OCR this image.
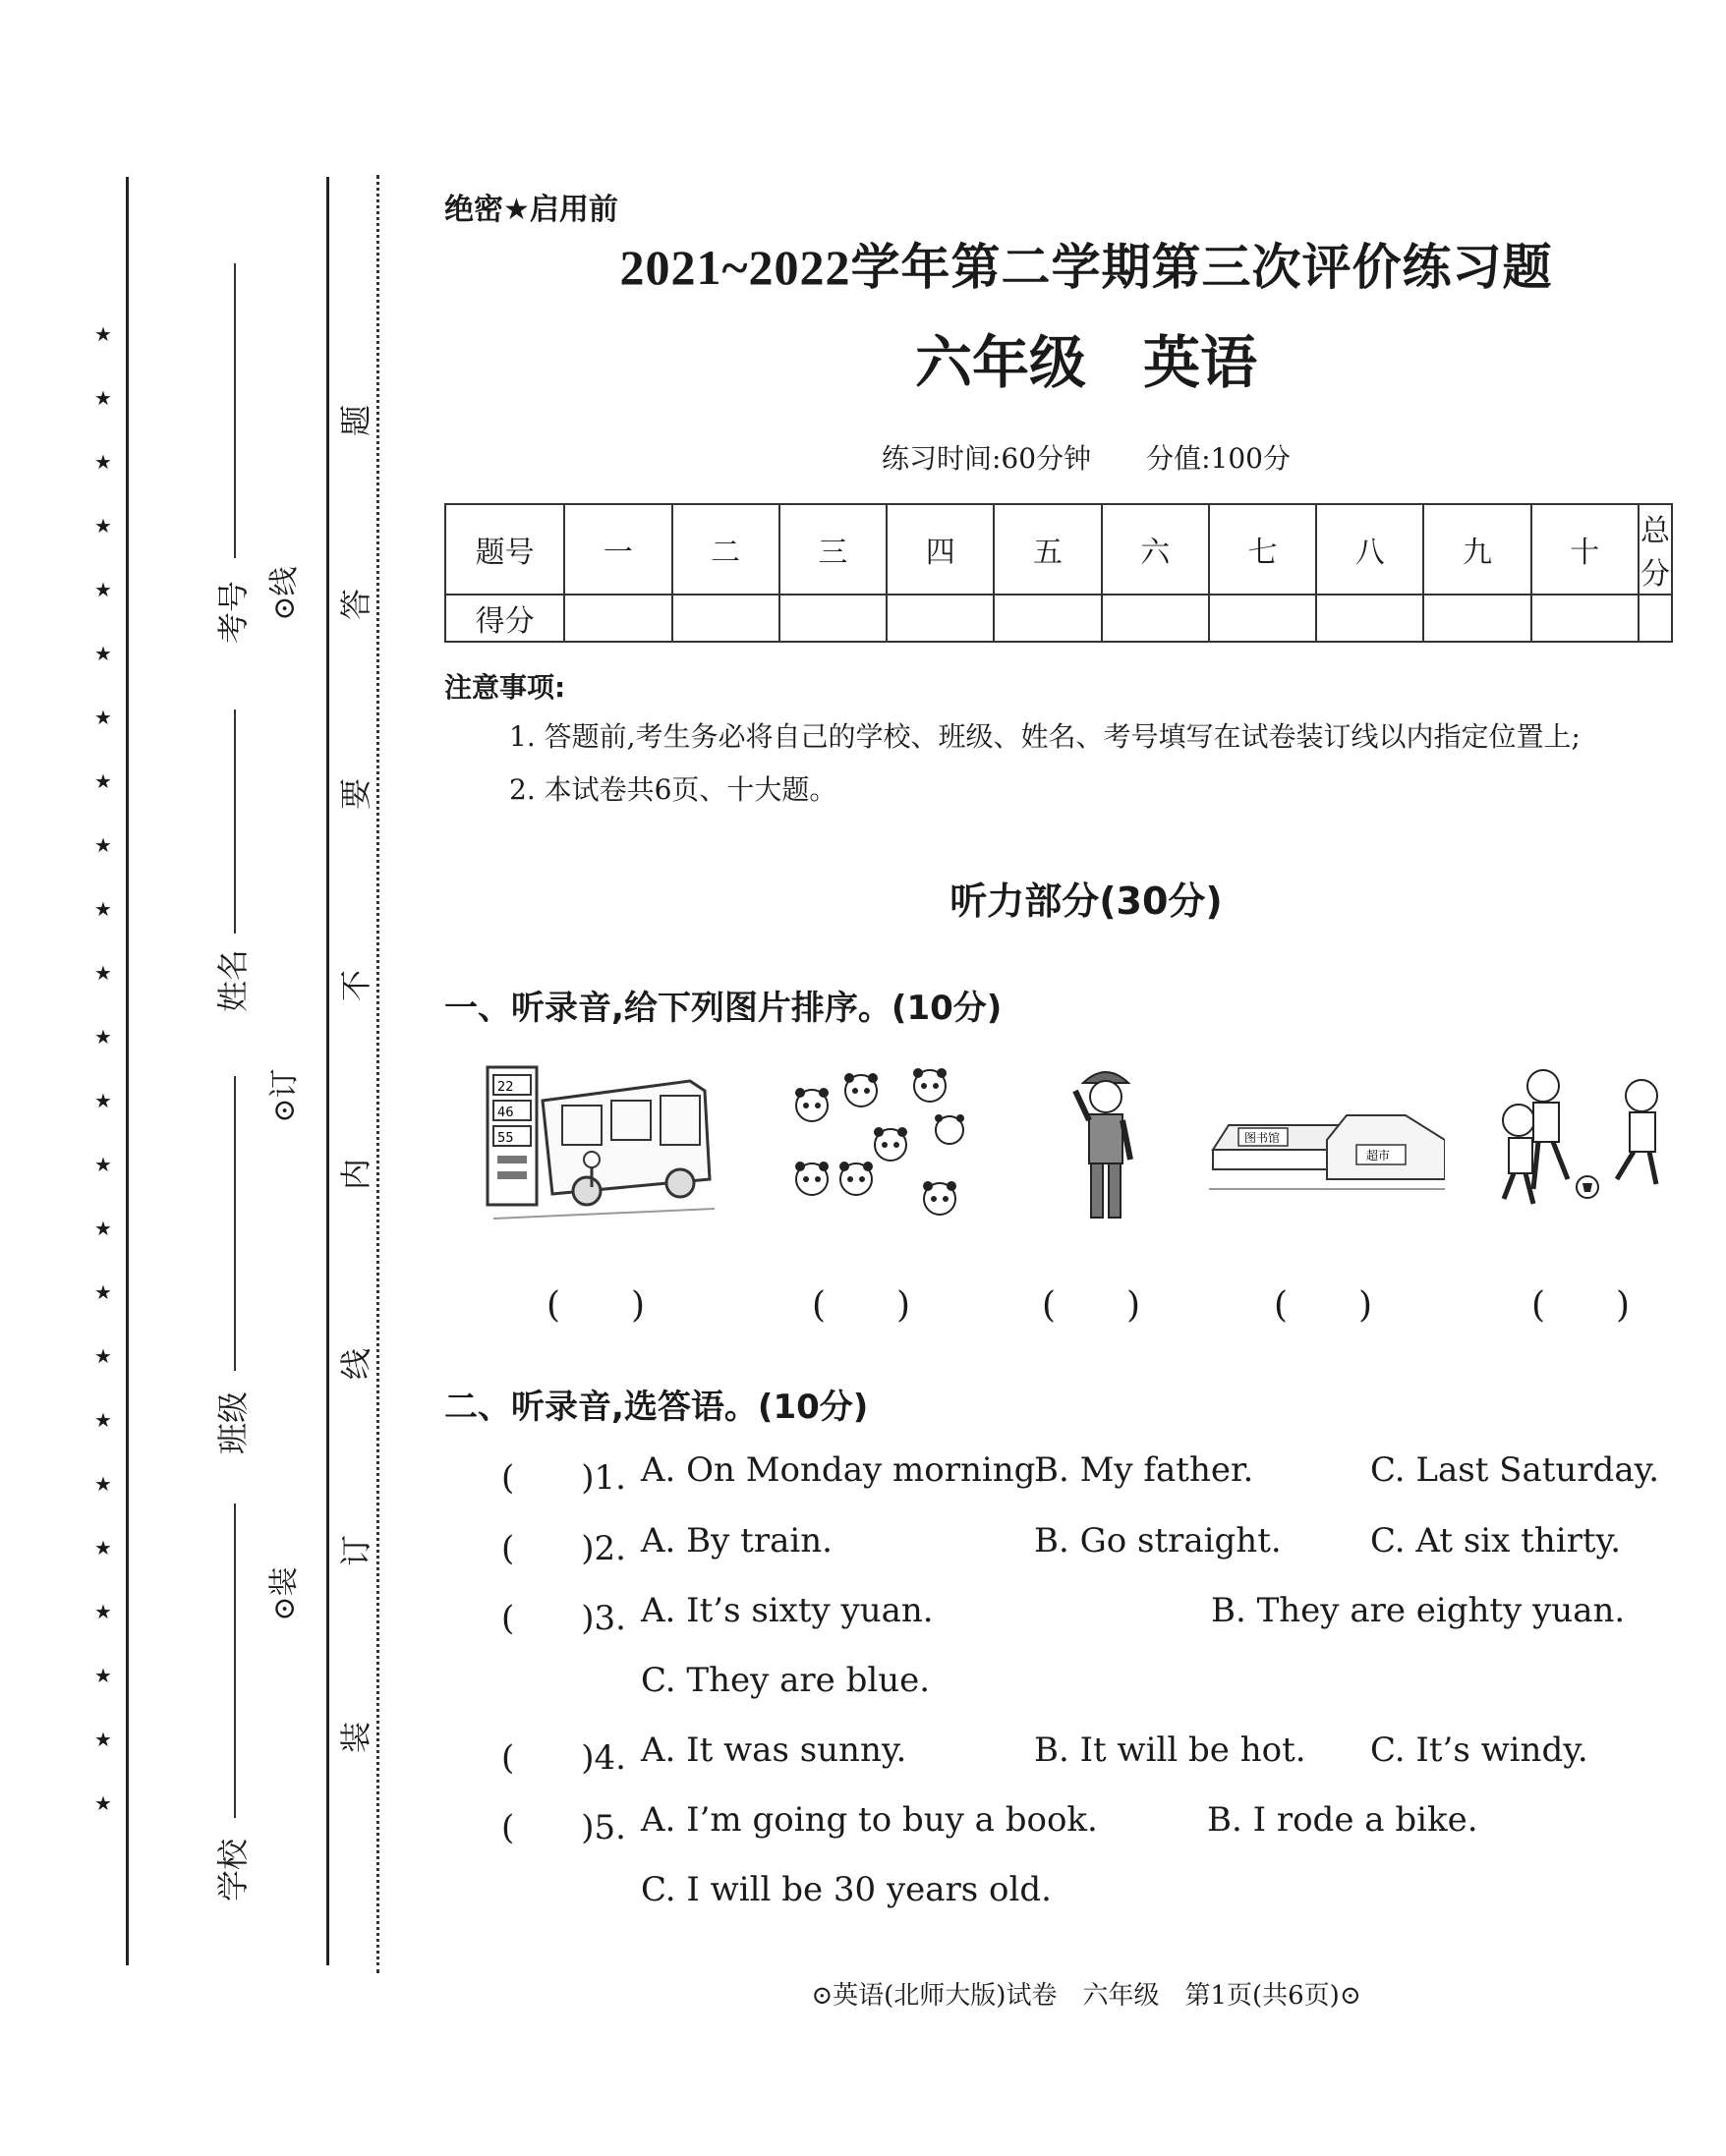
★
★
★
★
★
★
★
★
★
★
★
★
★
★
★
★
★
★
★
★
★
★
★
★
考号
姓名
班级
学校
⊙线
⊙订
⊙装
题
答
要
不
内
线
订
装
绝密★启用前
2021~2022学年第二学期第三次评价练习题
六年级　英语
练习时间:60分钟　　 分值:100分
题号	一	二	三	四	五	六	七	八	九	十	总分
得分											
注意事项:
1. 答题前,考生务必将自己的学校、班级、姓名、考号填写在试卷装订线以内指定位置上;
2. 本试卷共6页、十大题。
听力部分(30分)
一、听录音,给下列图片排序。(10分)
22
46
55	图书馆
超市
(　　)	(　　)	(　　)	(　　)	(　　)
二、听录音,选答语。(10分)
(　　)1. A. On Monday morning.
B. My father.	C. Last Saturday.
(　　)2. A. By train.	B. Go straight.	C. At six thirty.
(　　)3. A. It’s sixty yuan.	B. They are eighty yuan.
C. They are blue.
(　　)4. A. It was sunny.	B. It will be hot. C. It’s windy.
(　　)5. A. I’m going to buy a book.	B. I rode a bike.
C. I will be 30 years old.
⊙英语(北师大版)试卷　六年级　第1页(共6页)⊙
